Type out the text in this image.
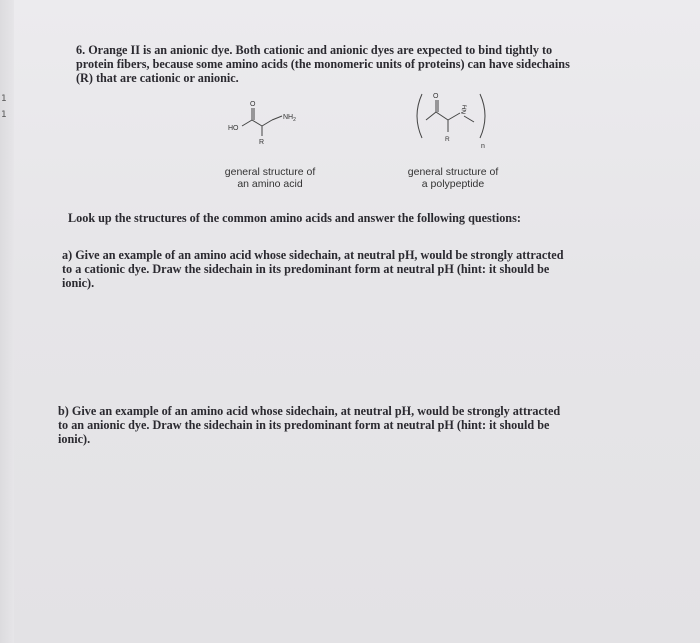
1
1
6. Orange II is an anionic dye. Both cationic and anionic dyes are expected to bind tightly to
protein fibers, because some amino acids (the monomeric units of proteins) can have sidechains
(R) that are cationic or anionic.
HO
O
$NH_2$
R
general structure of
an amino acid
O
NH
R
n
general structure of
a polypeptide
Look up the structures of the common amino acids and answer the following questions:
a) Give an example of an amino acid whose sidechain, at neutral pH, would be strongly attracted
to a cationic dye. Draw the sidechain in its predominant form at neutral pH (hint: it should be
ionic).
b) Give an example of an amino acid whose sidechain, at neutral pH, would be strongly attracted
to an anionic dye. Draw the sidechain in its predominant form at neutral pH (hint: it should be
ionic).
